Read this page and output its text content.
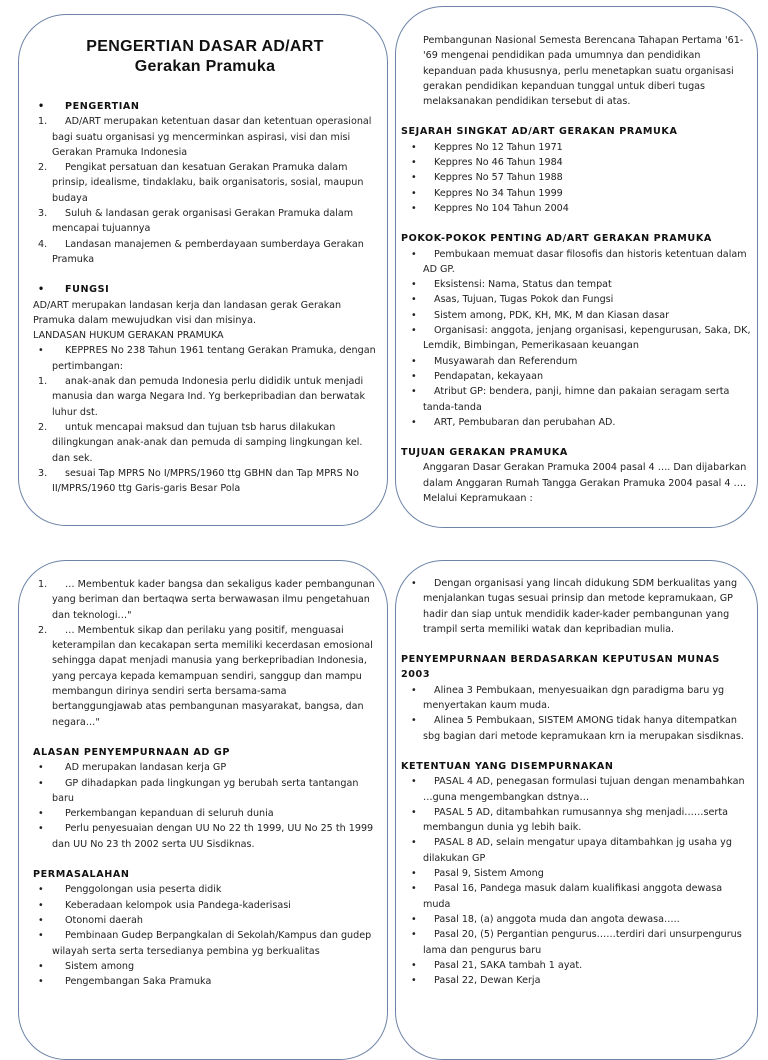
PENGERTIAN DASAR AD/ART
Gerakan Pramuka
• PENGERTIAN
1. AD/ART merupakan ketentuan dasar dan ketentuan operasional bagi suatu organisasi yg mencerminkan aspirasi, visi dan misi Gerakan Pramuka Indonesia
2. Pengikat persatuan dan kesatuan Gerakan Pramuka dalam prinsip, idealisme, tindaklaku, baik organisatoris, sosial, maupun budaya
3. Suluh & landasan gerak organisasi Gerakan Pramuka dalam mencapai tujuannya
4. Landasan manajemen & pemberdayaan sumberdaya Gerakan Pramuka
• FUNGSI
AD/ART merupakan landasan kerja dan landasan gerak Gerakan Pramuka dalam mewujudkan visi dan misinya.
LANDASAN HUKUM GERAKAN PRAMUKA
• KEPPRES No 238 Tahun 1961 tentang Gerakan Pramuka, dengan pertimbangan:
1. anak-anak dan pemuda Indonesia perlu dididik untuk menjadi manusia dan warga Negara Ind. Yg berkepribadian dan berwatak luhur dst.
2. untuk mencapai maksud dan tujuan tsb harus dilakukan dilingkungan anak-anak dan pemuda di samping lingkungan kel. dan sek.
3. sesuai Tap MPRS No I/MPRS/1960 ttg GBHN dan Tap MPRS No II/MPRS/1960 ttg Garis-garis Besar Pola
Pembangunan Nasional Semesta Berencana Tahapan Pertama '61-'69 mengenai pendidikan pada umumnya dan pendidikan kepanduan pada khususnya, perlu menetapkan suatu organisasi gerakan pendidikan kepanduan tunggal untuk diberi tugas melaksanakan pendidikan tersebut di atas.
SEJARAH SINGKAT AD/ART GERAKAN PRAMUKA
• Keppres No 12 Tahun 1971
• Keppres No 46 Tahun 1984
• Keppres No 57 Tahun 1988
• Keppres No 34 Tahun 1999
• Keppres No 104 Tahun 2004
POKOK-POKOK PENTING AD/ART GERAKAN PRAMUKA
• Pembukaan memuat dasar filosofis dan historis ketentuan dalam AD GP.
• Eksistensi: Nama, Status dan tempat
• Asas, Tujuan, Tugas Pokok dan Fungsi
• Sistem among, PDK, KH, MK, M dan Kiasan dasar
• Organisasi: anggota, jenjang organisasi, kepengurusan, Saka, DK, Lemdik, Bimbingan, Pemerikasaan keuangan
• Musyawarah dan Referendum
• Pendapatan, kekayaan
• Atribut GP: bendera, panji, himne dan pakaian seragam serta tanda-tanda
• ART, Pembubaran dan perubahan AD.
TUJUAN GERAKAN PRAMUKA
Anggaran Dasar Gerakan Pramuka 2004 pasal 4 …. Dan dijabarkan dalam Anggaran Rumah Tangga Gerakan Pramuka 2004 pasal 4 …. Melalui Kepramukaan :
1. … Membentuk kader bangsa dan sekaligus kader pembangunan yang beriman dan bertaqwa serta berwawasan ilmu pengetahuan dan teknologi…"
2. … Membentuk sikap dan perilaku yang positif, menguasai keterampilan dan kecakapan serta memiliki kecerdasan emosional sehingga dapat menjadi manusia yang berkepribadian Indonesia, yang percaya kepada kemampuan sendiri, sanggup dan mampu membangun dirinya sendiri serta bersama-sama bertanggungjawab atas pembangunan masyarakat, bangsa, dan negara…"
ALASAN PENYEMPURNAAN AD GP
• AD merupakan landasan kerja GP
• GP dihadapkan pada lingkungan yg berubah serta tantangan baru
• Perkembangan kepanduan di seluruh dunia
• Perlu penyesuaian dengan UU No 22 th 1999, UU No 25 th 1999 dan UU No 23 th 2002 serta UU Sisdiknas.
PERMASALAHAN
• Penggolongan usia peserta didik
• Keberadaan kelompok usia Pandega-kaderisasi
• Otonomi daerah
• Pembinaan Gudep Berpangkalan di Sekolah/Kampus dan gudep wilayah serta serta tersedianya pembina yg berkualitas
• Sistem among
• Pengembangan Saka Pramuka
• Dengan organisasi yang lincah didukung SDM berkualitas yang menjalankan tugas sesuai prinsip dan metode kepramukaan, GP hadir dan siap untuk mendidik kader-kader pembangunan yang trampil serta memiliki watak dan kepribadian mulia.
PENYEMPURNAAN BERDASARKAN KEPUTUSAN MUNAS 2003
• Alinea 3 Pembukaan, menyesuaikan dgn paradigma baru yg menyertakan kaum muda.
• Alinea 5 Pembukaan, SISTEM AMONG tidak hanya ditempatkan sbg bagian dari metode kepramukaan krn ia merupakan sisdiknas.
KETENTUAN YANG DISEMPURNAKAN
• PASAL 4 AD, penegasan formulasi tujuan dengan menambahkan …guna mengembangkan dstnya…
• PASAL 5 AD, ditambahkan rumusannya shg menjadi……serta membangun dunia yg lebih baik.
• PASAL 8 AD, selain mengatur upaya ditambahkan jg usaha yg dilakukan GP
• Pasal 9, Sistem Among
• Pasal 16, Pandega masuk dalam kualifikasi anggota dewasa muda
• Pasal 18, (a) anggota muda dan angota dewasa…..
• Pasal 20, (5) Pergantian pengurus……terdiri dari unsurpengurus lama dan pengurus baru
• Pasal 21, SAKA tambah 1 ayat.
• Pasal 22, Dewan Kerja
